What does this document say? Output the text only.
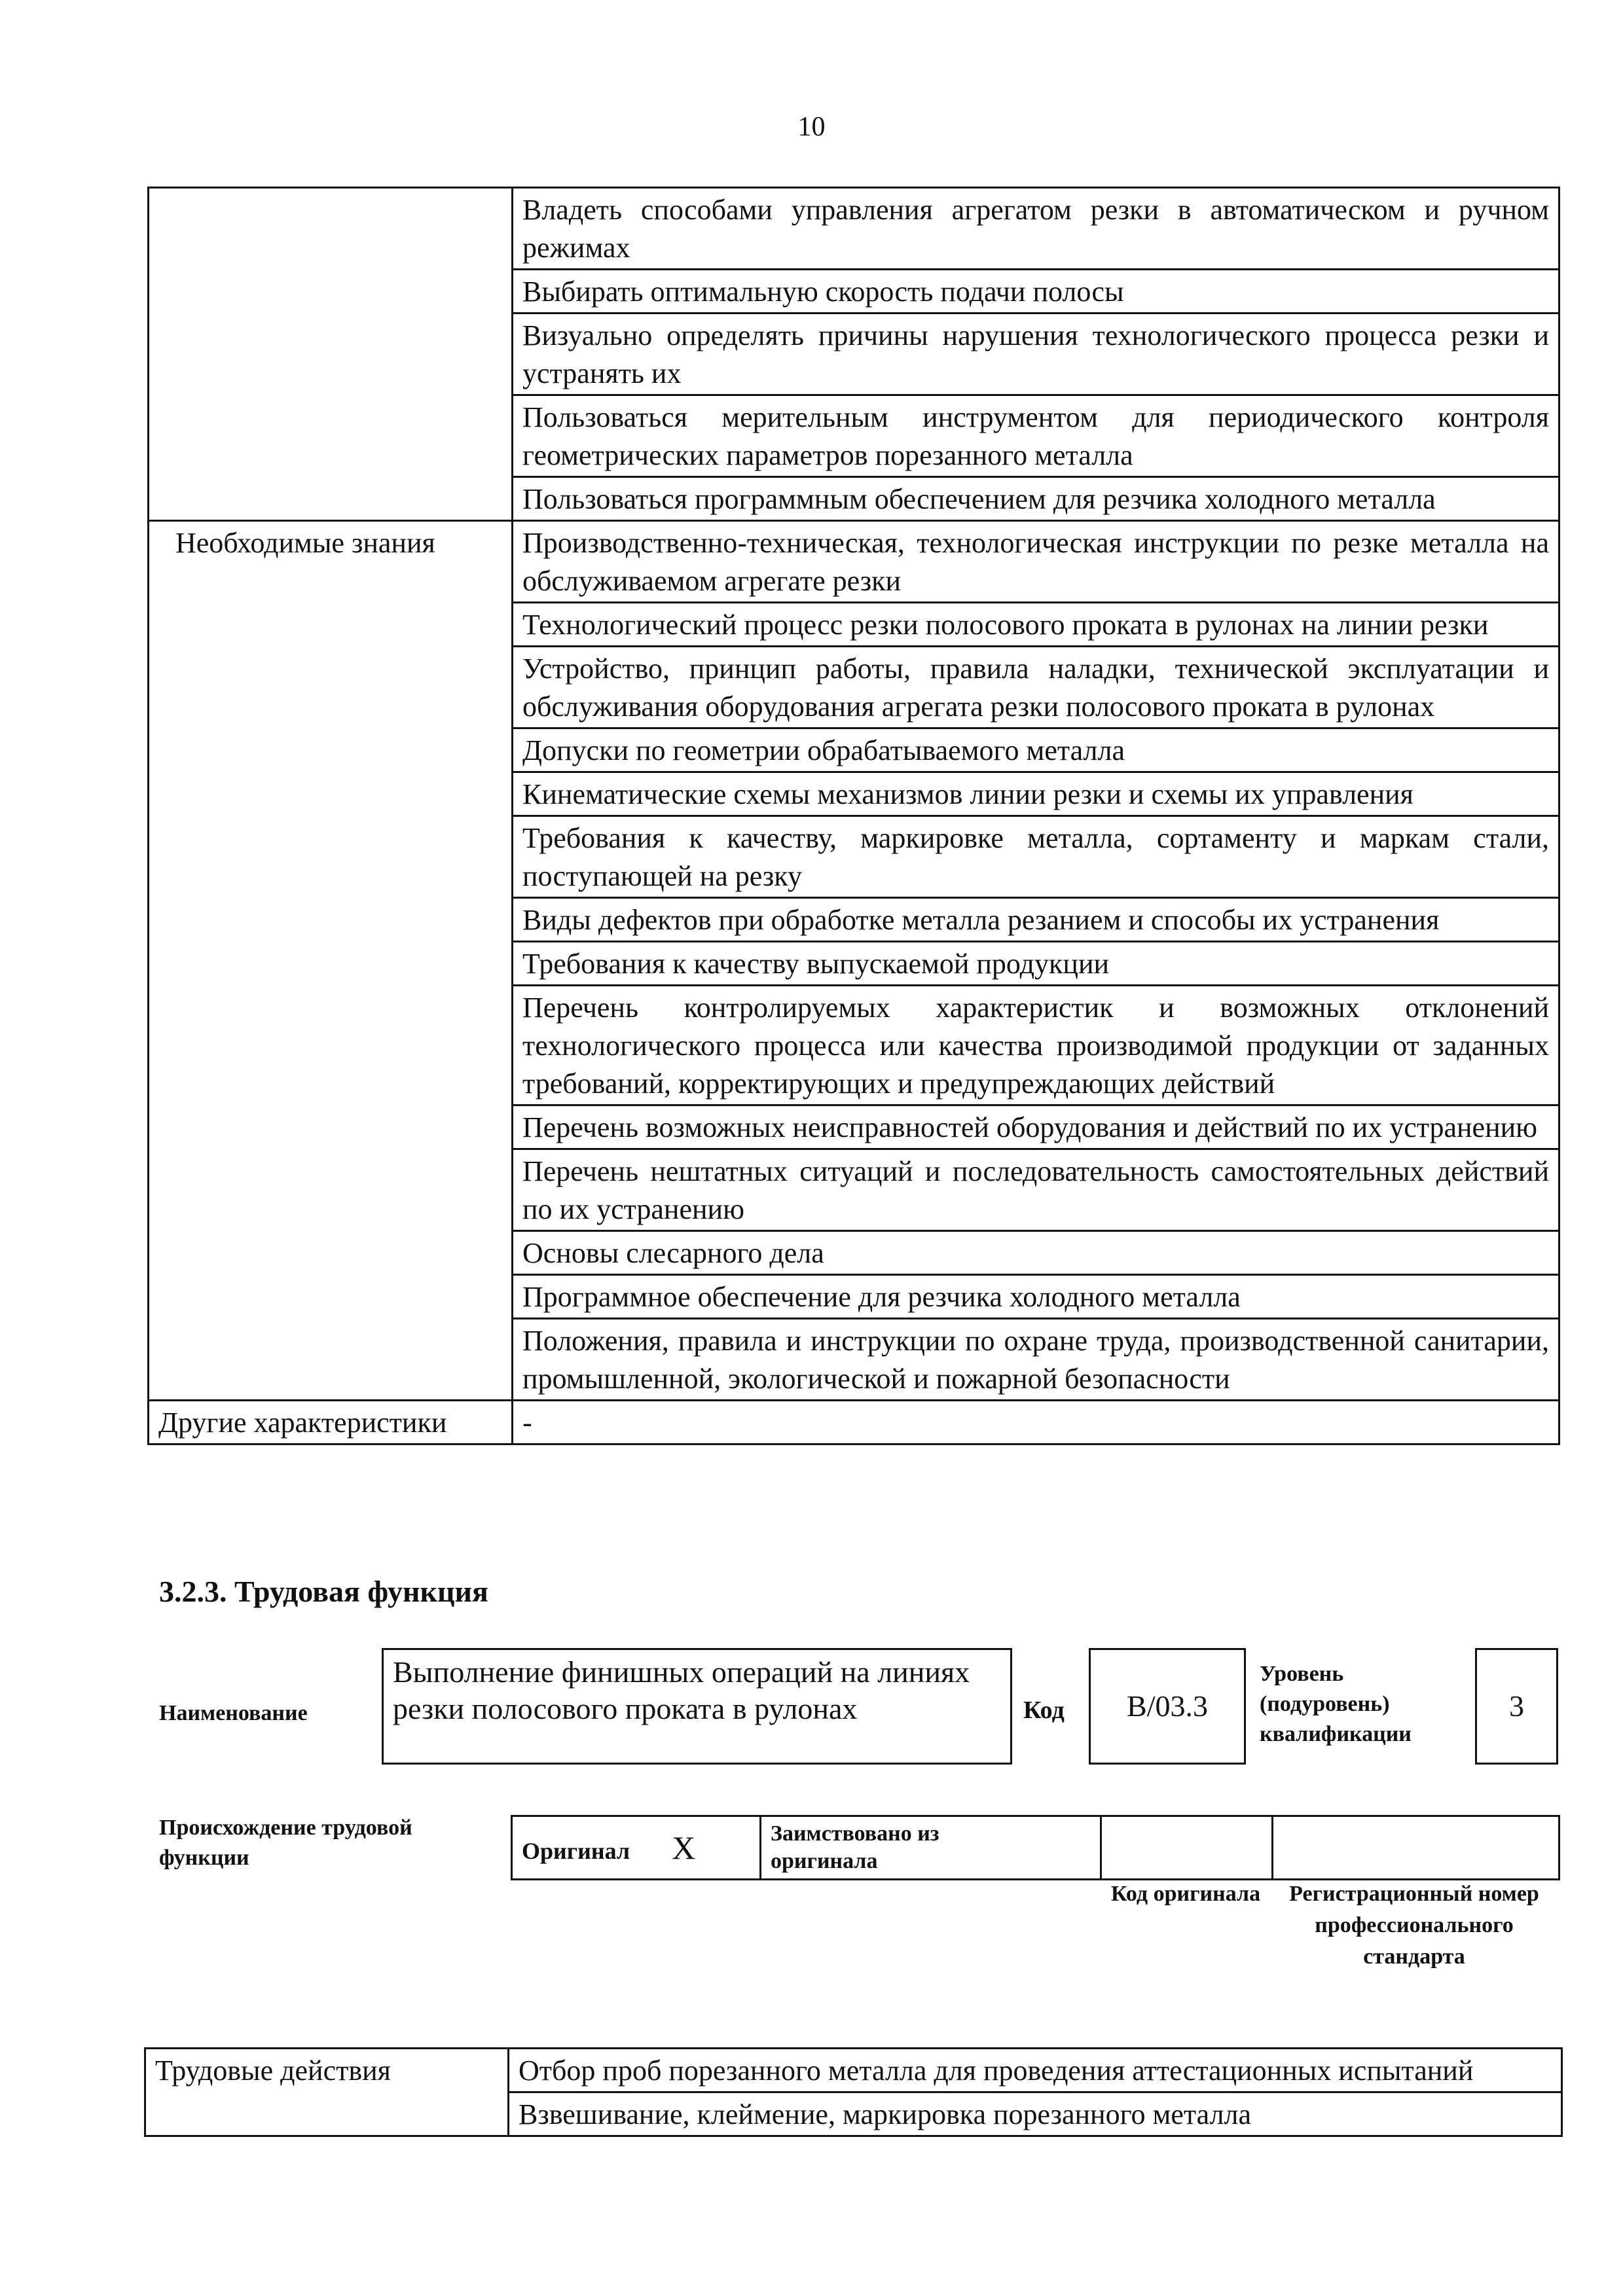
10
	Владеть способами управления агрегатом резки в автоматическом и ручном режимах
	Выбирать оптимальную скорость подачи полосы
	Визуально определять причины нарушения технологического процесса резки и устранять их
	Пользоваться мерительным инструментом для периодического контроля геометрических параметров порезанного металла
	Пользоваться программным обеспечением для резчика холодного металла
Необходимые знания	Производственно-техническая, технологическая инструкции по резке металла на обслуживаемом агрегате резки
	Технологический процесс резки полосового проката в рулонах на линии резки
	Устройство, принцип работы, правила наладки, технической эксплуатации и обслуживания оборудования агрегата резки полосового проката в рулонах
	Допуски по геометрии обрабатываемого металла
	Кинематические схемы механизмов линии резки и схемы их управления
	Требования к качеству, маркировке металла, сортаменту и маркам стали, поступающей на резку
	Виды дефектов при обработке металла резанием и способы их устранения
	Требования к качеству выпускаемой продукции
	Перечень контролируемых характеристик и возможных отклонений технологического процесса или качества производимой продукции от заданных требований, корректирующих и предупреждающих действий
	Перечень возможных неисправностей оборудования и действий по их устранению
	Перечень нештатных ситуаций и последовательность самостоятельных действий по их устранению
	Основы слесарного дела
	Программное обеспечение для резчика холодного металла
	Положения, правила и инструкции по охране труда, производственной санитарии, промышленной, экологической и пожарной безопасности
Другие характеристики	-
3.2.3. Трудовая функция
Наименование
Выполнение финишных операций на линиях резки полосового проката в рулонах	Код B/03.3
Уровень (подуровень) квалификации
3
Происхождение трудовой функции	Оригинал X	Заимствовано из оригинала

Код оригинала	Регистрационный номер профессионального стандарта
Трудовые действия	Отбор проб порезанного металла для проведения аттестационных испытаний
Взвешивание, клеймение, маркировка порезанного металла
